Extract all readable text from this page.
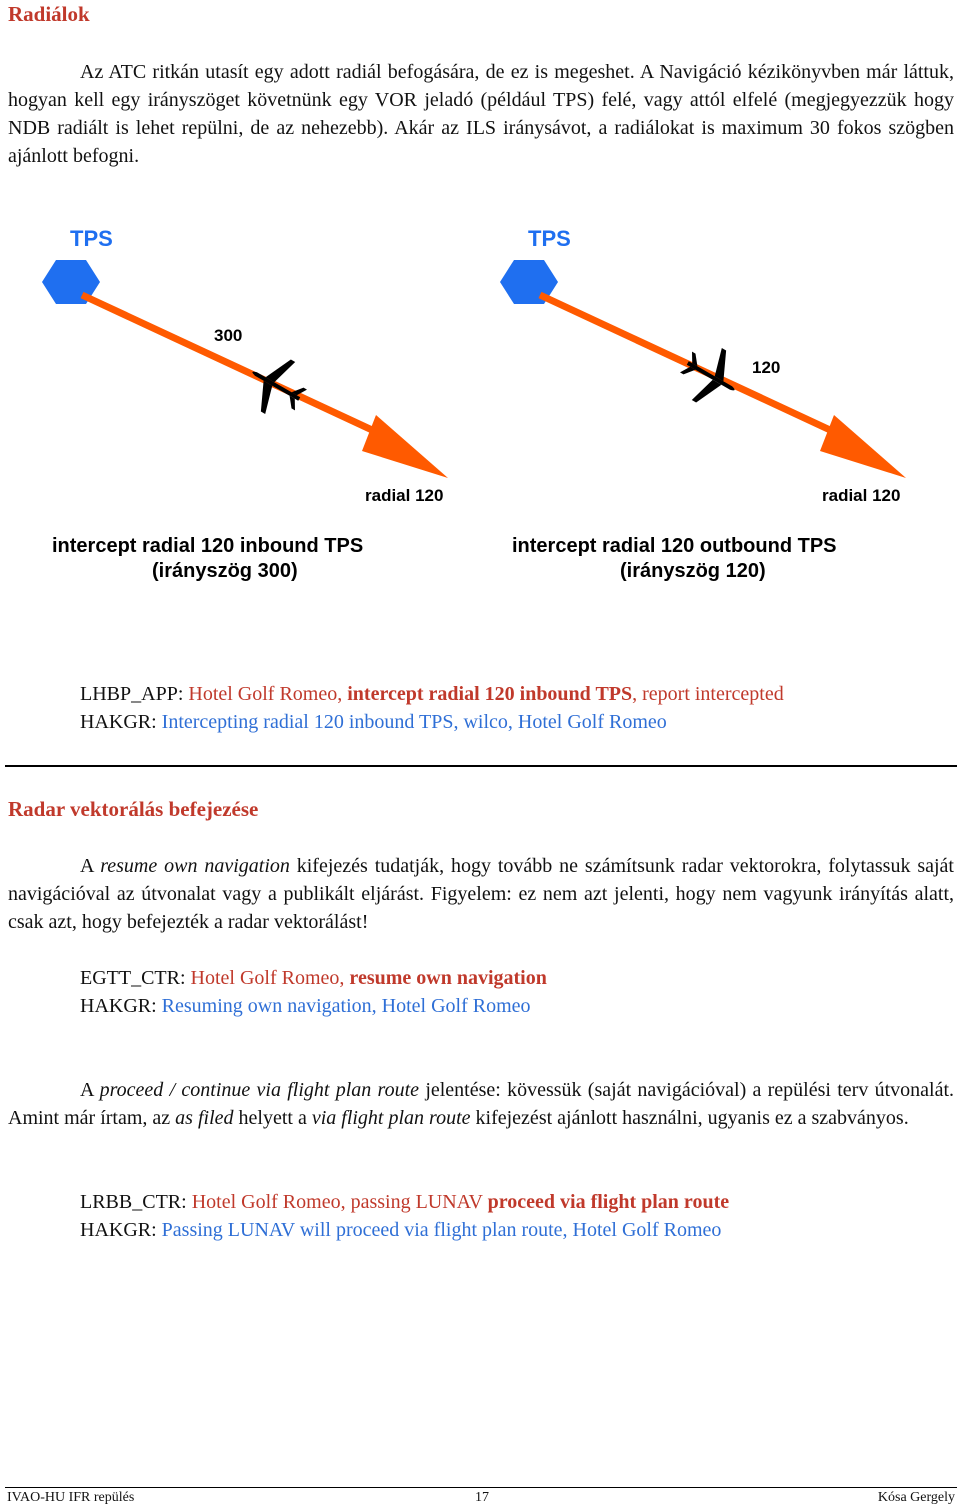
Radiálok

Az ATC ritkán utasít egy adott radiál befogására, de ez is megeshet. A Navigáció kézikönyvben már láttuk, hogyan kell egy irányszöget követnünk egy VOR jeladó (például TPS) felé, vagy attól elfelé (megjegyezzük hogy NDB radiált is lehet repülni, de az nehezebb). Akár az ILS iránysávot, a radiálokat is maximum 30 fokos szögben ajánlott befogni.

TPS
300
radial 120
intercept radial 120 inbound TPS
(irányszög 300)
TPS
120
radial 120
intercept radial 120 outbound TPS
(irányszög 120)
LHBP_APP: Hotel Golf Romeo, intercept radial 120 inbound TPS, report intercepted
HAKGR: Intercepting radial 120 inbound TPS, wilco, Hotel Golf Romeo
Radar vektorálás befejezése

A resume own navigation kifejezés tudatják, hogy tovább ne számítsunk radar vektorokra, folytassuk saját navigációval az útvonalat vagy a publikált eljárást. Figyelem: ez nem azt jelenti, hogy nem vagyunk irányítás alatt, csak azt, hogy befejezték a radar vektorálást!

EGTT_CTR: Hotel Golf Romeo, resume own navigation
HAKGR: Resuming own navigation, Hotel Golf Romeo

A proceed / continue via flight plan route jelentése: kövessük (saját navigációval) a repülési terv útvonalát. Amint már írtam, az as filed helyett a via flight plan route kifejezést ajánlott használni, ugyanis ez a szabványos.

LRBB_CTR: Hotel Golf Romeo, passing LUNAV proceed via flight plan route
HAKGR: Passing LUNAV will proceed via flight plan route, Hotel Golf Romeo
IVAO-HU IFR repülés	17	Kósa Gergely
